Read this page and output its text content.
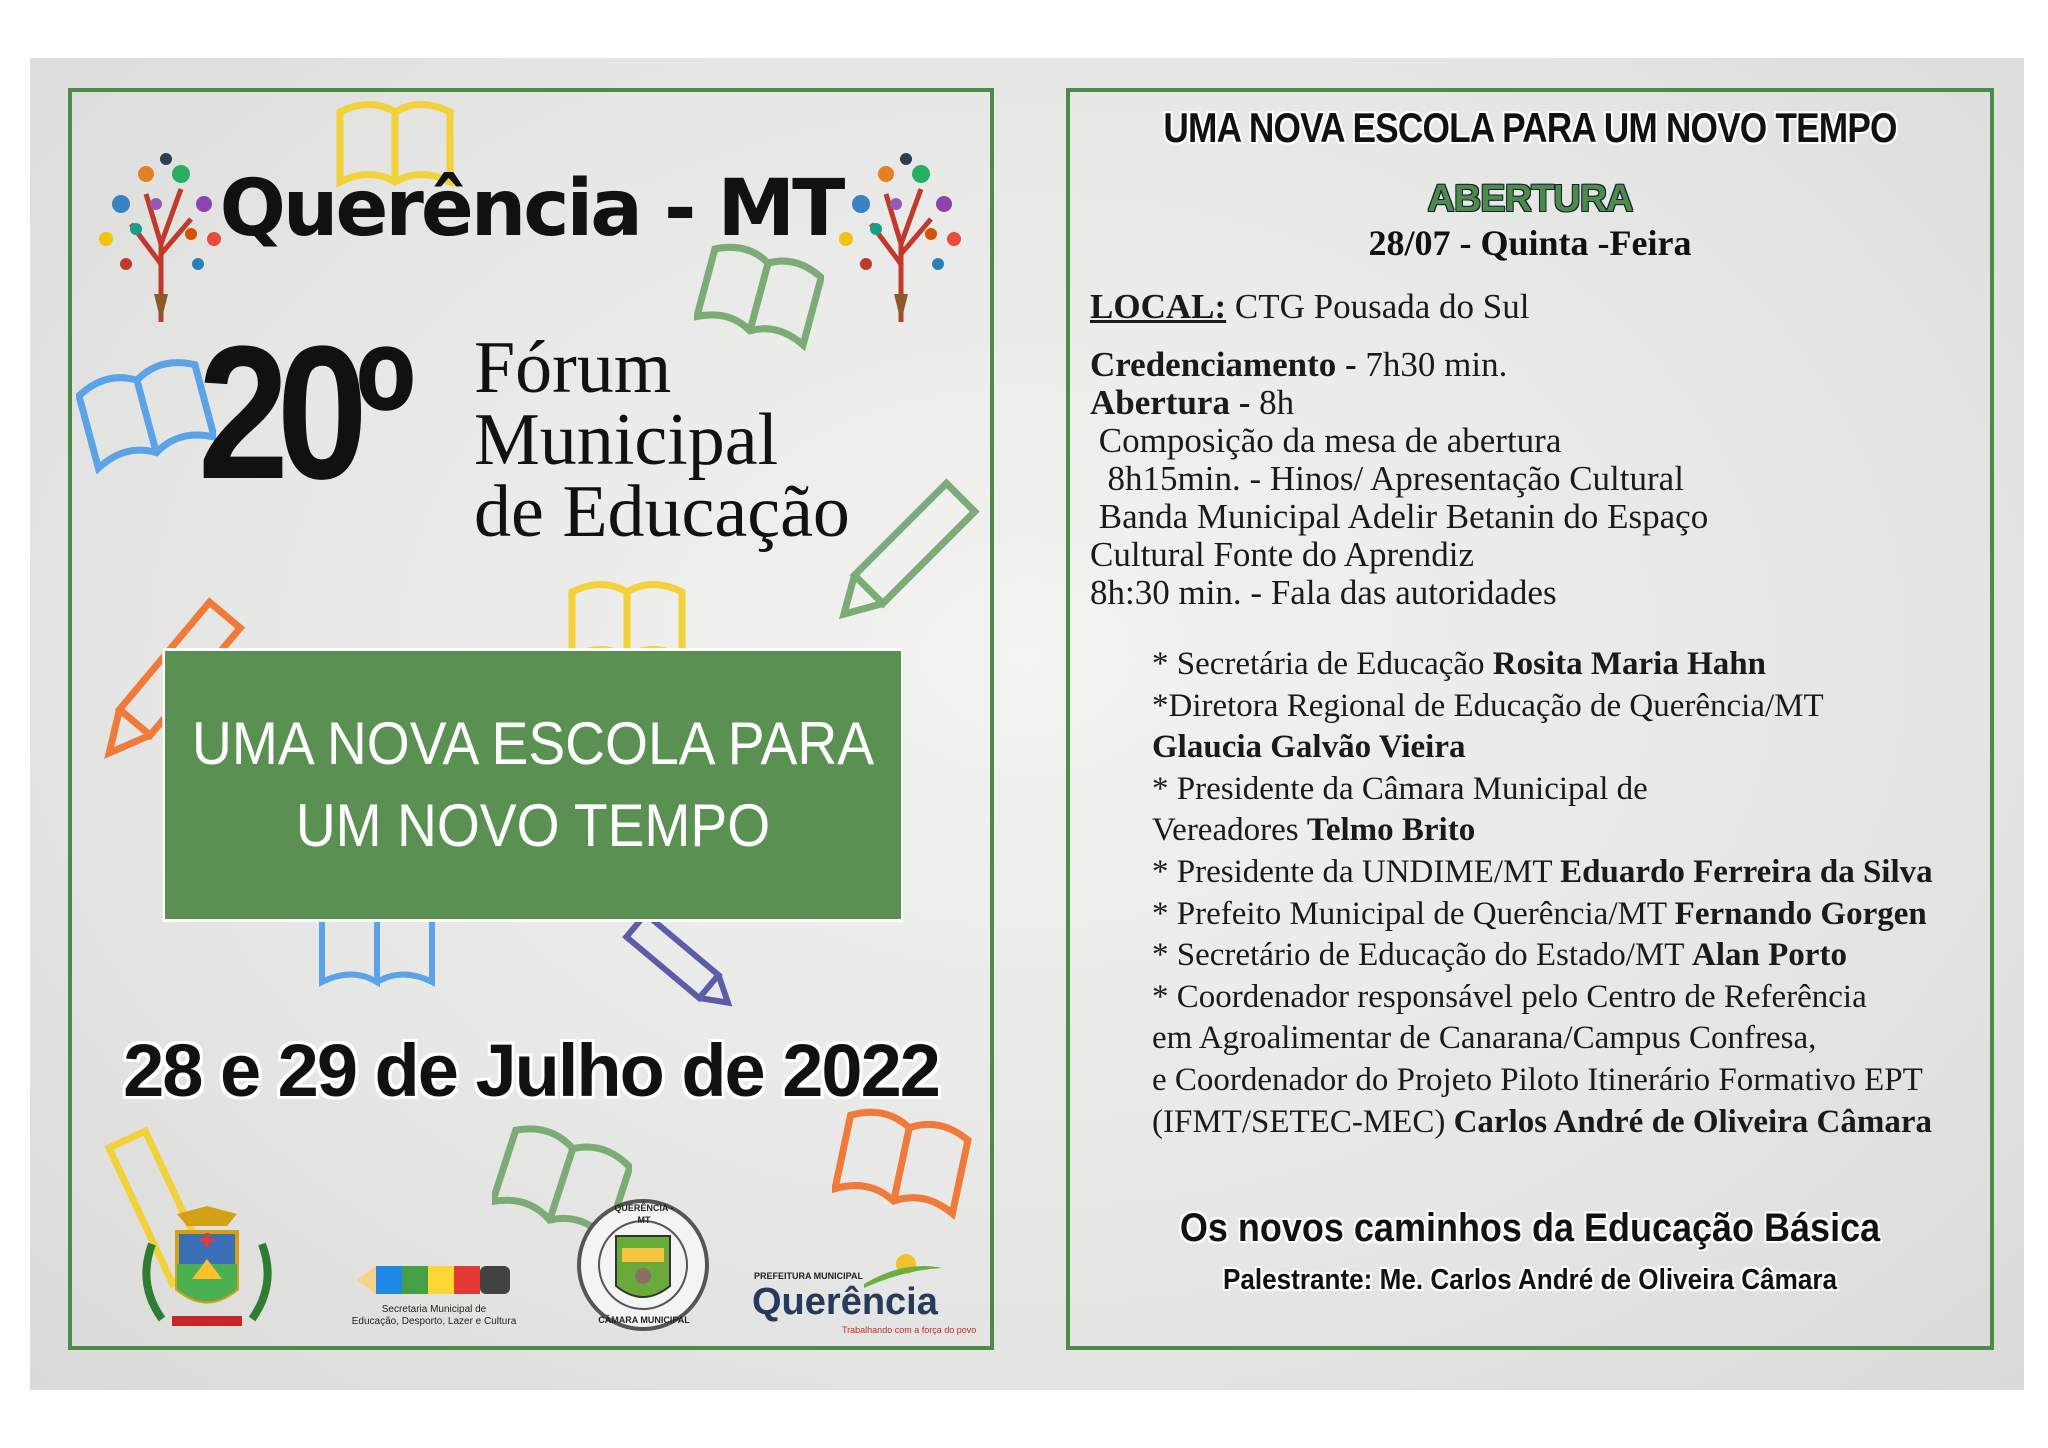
Querência - MT
20º Fórum
Municipal
de Educação
UMA NOVA ESCOLA PARA
UM NOVO TEMPO
28 e 29 de Julho de 2022
Secretaria Municipal de
Educação, Desporto, Lazer e Cultura
QUERÊNCIA - MT
CÂMARA MUNICIPAL
PREFEITURA MUNICIPAL
Querência
Trabalhando com a força do povo
UMA NOVA ESCOLA PARA UM NOVO TEMPO
ABERTURA
28/07 - Quinta -Feira
LOCAL: CTG Pousada do Sul
Credenciamento - 7h30 min.
Abertura - 8h
Composição da mesa de abertura
8h15min. - Hinos/ Apresentação Cultural
Banda Municipal Adelir Betanin do Espaço
Cultural Fonte do Aprendiz
8h:30 min. - Fala das autoridades
* Secretária de Educação Rosita Maria Hahn
*Diretora Regional de Educação de Querência/MT
Glaucia Galvão Vieira
* Presidente da Câmara Municipal de
Vereadores Telmo Brito
* Presidente da UNDIME/MT Eduardo Ferreira da Silva
* Prefeito Municipal de Querência/MT Fernando Gorgen
* Secretário de Educação do Estado/MT Alan Porto
* Coordenador responsável pelo Centro de Referência
em Agroalimentar de Canarana/Campus Confresa,
e Coordenador do Projeto Piloto Itinerário Formativo EPT
(IFMT/SETEC-MEC) Carlos André de Oliveira Câmara
Os novos caminhos da Educação Básica
Palestrante: Me. Carlos André de Oliveira Câmara
